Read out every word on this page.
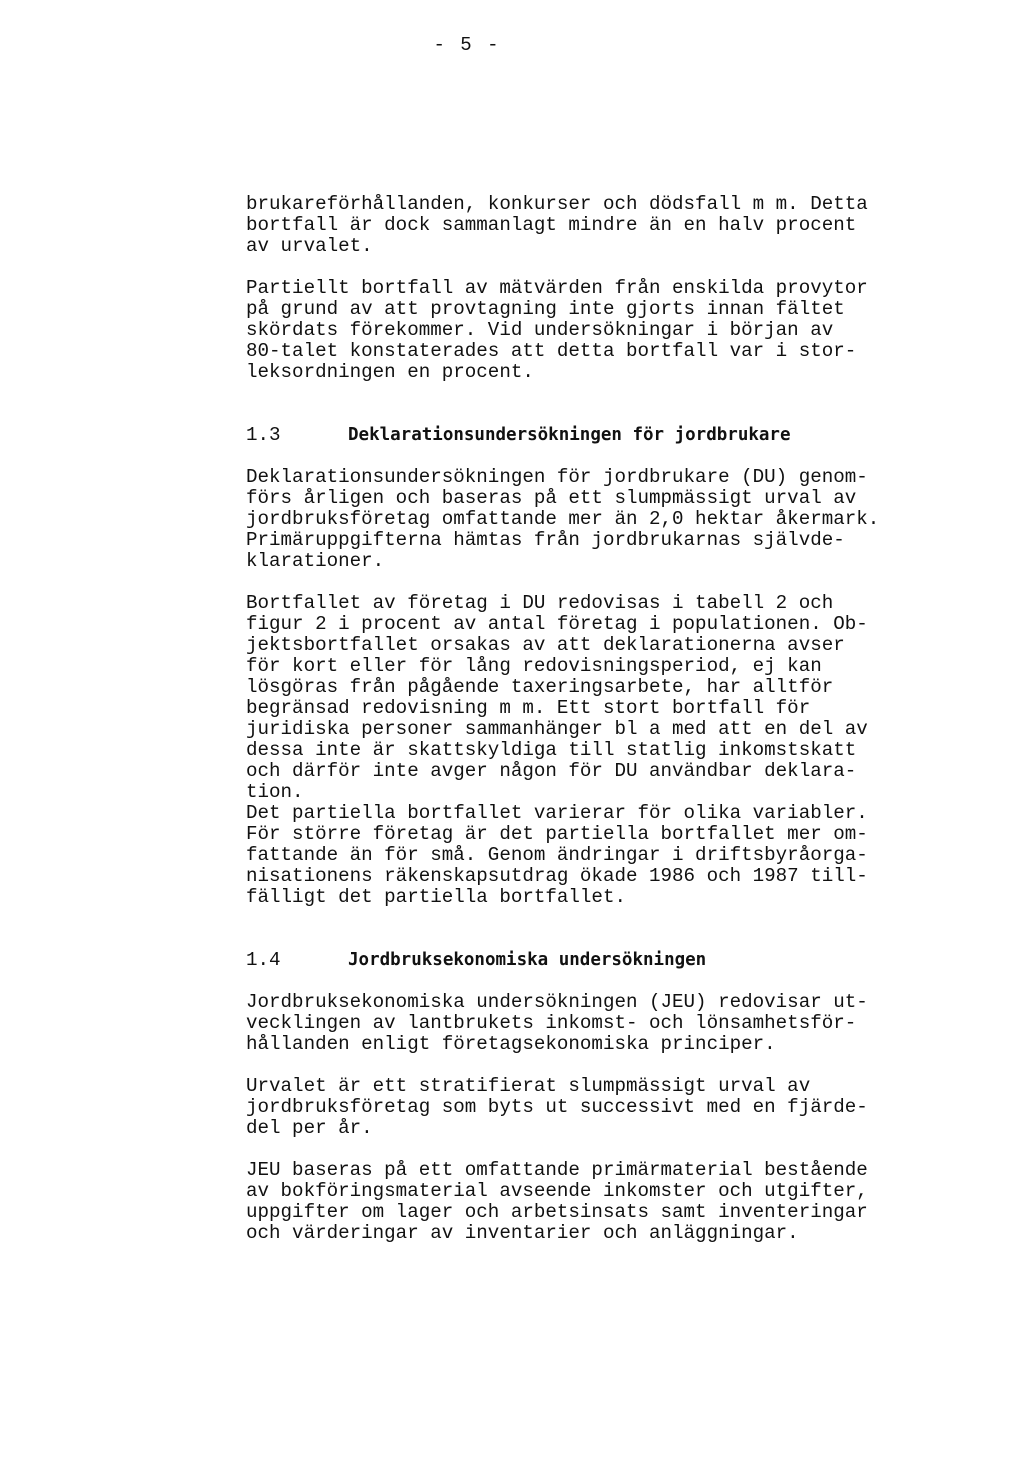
- 5 -

brukareförhållanden, konkurser och dödsfall m m. Detta
bortfall är dock sammanlagt mindre än en halv procent
av urvalet.

Partiellt bortfall av mätvärden från enskilda provytor
på grund av att provtagning inte gjorts innan fältet
skördats förekommer. Vid undersökningar i början av
80-talet konstaterades att detta bortfall var i stor-
leksordningen en procent.

1.3	Deklarationsundersökningen för jordbrukare

Deklarationsundersökningen för jordbrukare (DU) genom-
förs årligen och baseras på ett slumpmässigt urval av
jordbruksföretag omfattande mer än 2,0 hektar åkermark.
Primäruppgifterna hämtas från jordbrukarnas självde-
klarationer.

Bortfallet av företag i DU redovisas i tabell 2 och
figur 2 i procent av antal företag i populationen. Ob-
jektsbortfallet orsakas av att deklarationerna avser
för kort eller för lång redovisningsperiod, ej kan
lösgöras från pågående taxeringsarbete, har alltför
begränsad redovisning m m. Ett stort bortfall för
juridiska personer sammanhänger bl a med att en del av
dessa inte är skattskyldiga till statlig inkomstskatt
och därför inte avger någon för DU användbar deklara-
tion.
Det partiella bortfallet varierar för olika variabler.
För större företag är det partiella bortfallet mer om-
fattande än för små. Genom ändringar i driftsbyråorga-
nisationens räkenskapsutdrag ökade 1986 och 1987 till-
fälligt det partiella bortfallet.

1.4	Jordbruksekonomiska undersökningen

Jordbruksekonomiska undersökningen (JEU) redovisar ut-
vecklingen av lantbrukets inkomst- och lönsamhetsför-
hållanden enligt företagsekonomiska principer.

Urvalet är ett stratifierat slumpmässigt urval av
jordbruksföretag som byts ut successivt med en fjärde-
del per år.

JEU baseras på ett omfattande primärmaterial bestående
av bokföringsmaterial avseende inkomster och utgifter,
uppgifter om lager och arbetsinsats samt inventeringar
och värderingar av inventarier och anläggningar.
